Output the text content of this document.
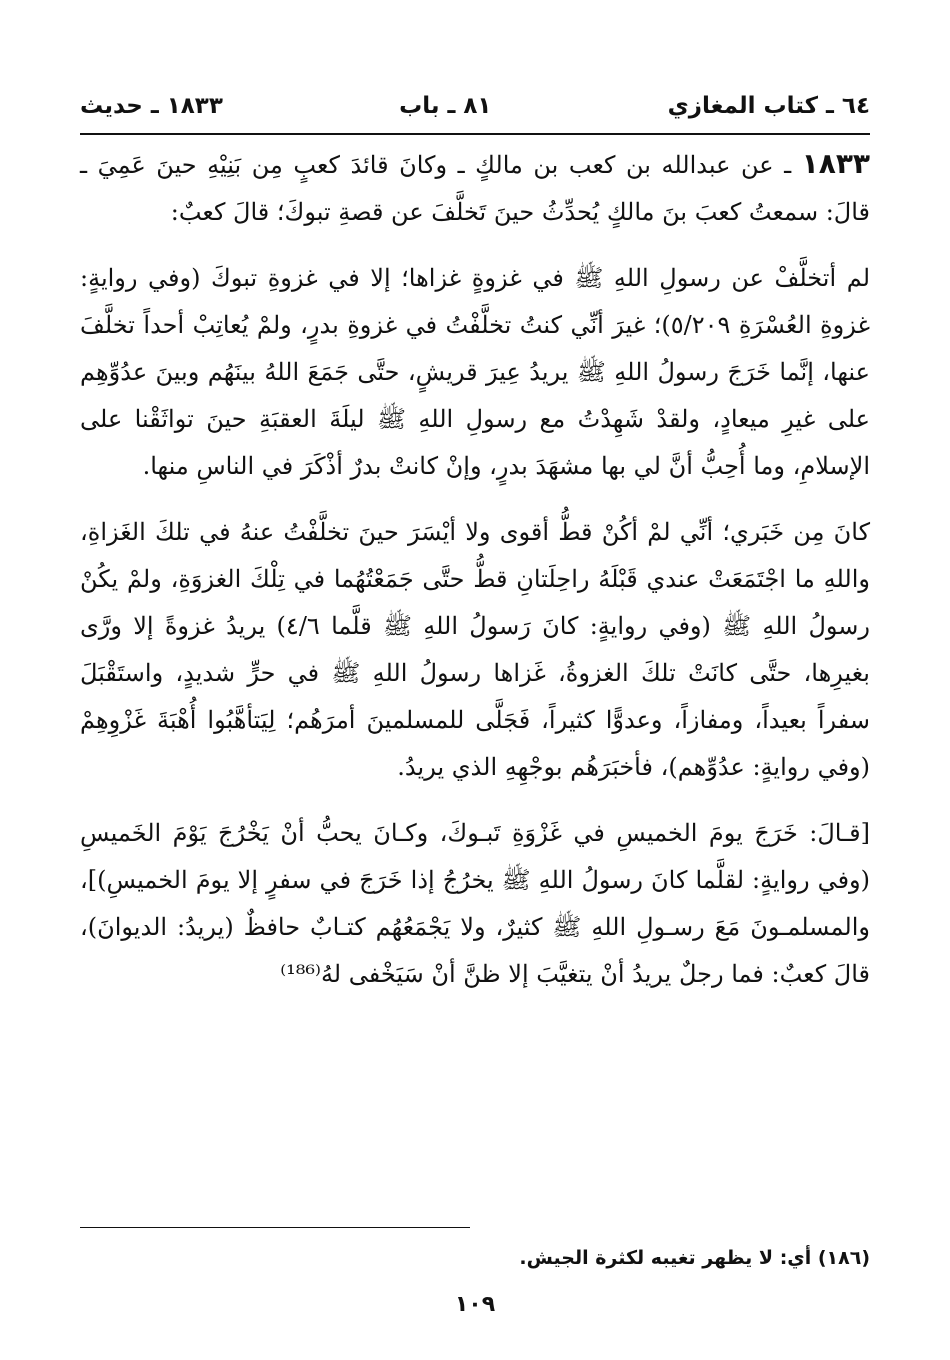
٦٤ ـ كتاب المغازي
٨١ ـ باب
١٨٣٣ ـ حديث

١٨٣٣ ـ عن عبدالله بن كعب بن مالكٍ ـ وكانَ قائدَ كعبٍ مِن بَنِيْهِ حينَ عَمِيَ ـ قالَ: سمعتُ كعبَ بنَ مالكٍ يُحدِّثُ حينَ تَخلَّفَ عن قصةِ تبوكَ؛ قالَ كعبٌ:

لم أتخلَّفْ عن رسولِ اللهِ ﷺ في غزوةٍ غزاها؛ إلا في غزوةِ تبوكَ (وفي روايةٍ: غزوةِ العُسْرَةِ ٥/٢٠٩)؛ غيرَ أنِّي كنتُ تخلَّفْتُ في غزوةِ بدرٍ، ولمْ يُعاتِبْ أحداً تخلَّفَ عنها، إنَّما خَرَجَ رسولُ اللهِ ﷺ يريدُ عِيرَ قريشٍ، حتَّى جَمَعَ اللهُ بينَهُم وبينَ عدُوِّهِم على غيرِ ميعادٍ، ولقدْ شَهِدْتُ مع رسولِ اللهِ ﷺ ليلَةَ العقبَةِ حينَ تواثَقْنا على الإسلامِ، وما أُحِبُّ أنَّ لي بها مشهَدَ بدرٍ، وإنْ كانتْ بدرٌ أذْكَرَ في الناسِ منها.

كانَ مِن خَبَري؛ أنِّي لمْ أكُنْ قطُّ أقوى ولا أيْسَرَ حينَ تخلَّفْتُ عنهُ في تلكَ الغَزاةِ، واللهِ ما اجْتَمَعَتْ عندي قَبْلَهُ راحِلَتانِ قطُّ حتَّى جَمَعْتُهُما في تِلْكَ الغزوَةِ، ولمْ يكُنْ رسولُ اللهِ ﷺ (وفي روايةٍ: كانَ رَسولُ اللهِ ﷺ قلَّما ٤/٦) يريدُ غزوةً إلا ورَّى بغيرِها، حتَّى كانَتْ تلكَ الغزوةُ، غَزاها رسولُ اللهِ ﷺ في حرٍّ شديدٍ، واستَقْبَلَ سفراً بعيداً، ومفازاً، وعدوًّا كثيراً، فَجَلَّى للمسلمينَ أمرَهُم؛ لِيَتأهَّبُوا أُهْبَةَ غَزْوِهِمْ (وفي روايةٍ: عدُوِّهم)، فأخبَرَهُم بوجْهِهِ الذي يريدُ.

[قـالَ: خَرَجَ يومَ الخميسِ في غَزْوَةِ تَبـوكَ، وكـانَ يحبُّ أنْ يَخْرُجَ يَوْمَ الخَميسِ (وفي روايةٍ: لقلَّما كانَ رسولُ اللهِ ﷺ يخرُجُ إذا خَرَجَ في سفرٍ إلا يومَ الخميسِ)]، والمسلمـونَ مَعَ رسـولِ اللهِ ﷺ كثيرٌ، ولا يَجْمَعُهُم كتـابٌ حافظٌ (يريدُ: الديوانَ)، قالَ كعبٌ: فما رجلٌ يريدُ أنْ يتغيَّبَ إلا ظنَّ أنْ سَيَخْفى لهُ⁽¹⁸⁶⁾

(١٨٦) أي: لا يظهر تغيبه لكثرة الجيش.
١٠٩
